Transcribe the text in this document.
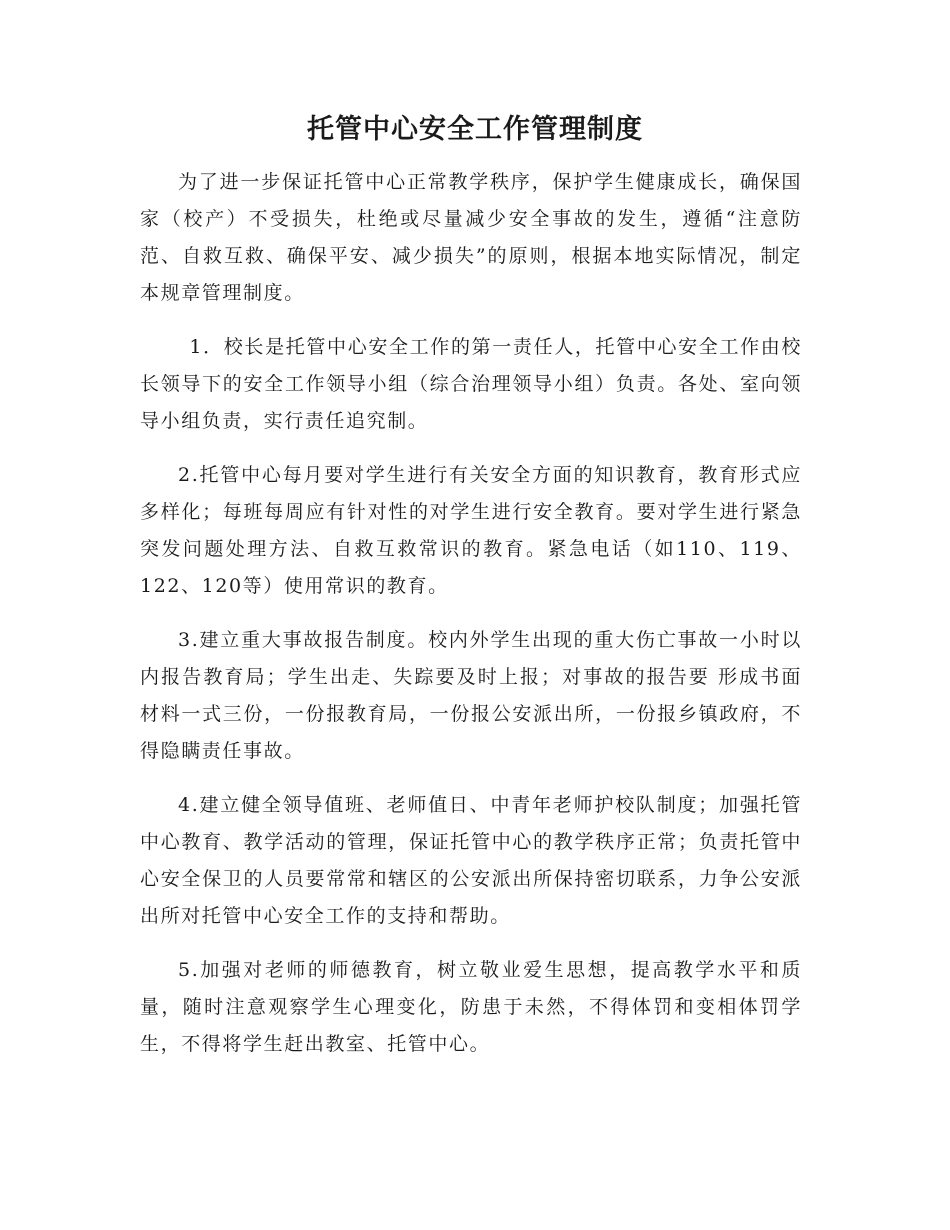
托管中心安全工作管理制度

为了进一步保证托管中心正常教学秩序，保护学生健康成长，确保国家（校产）不受损失，杜绝或尽量减少安全事故的发生，遵循“注意防范、自救互救、确保平安、减少损失”的原则，根据本地实际情况，制定本规章管理制度。

1．校长是托管中心安全工作的第一责任人，托管中心安全工作由校长领导下的安全工作领导小组（综合治理领导小组）负责。各处、室向领导小组负责，实行责任追究制。

2.托管中心每月要对学生进行有关安全方面的知识教育，教育形式应多样化；每班每周应有针对性的对学生进行安全教育。要对学生进行紧急突发问题处理方法、自救互救常识的教育。紧急电话（如110、119、122、120等）使用常识的教育。

3.建立重大事故报告制度。校内外学生出现的重大伤亡事故一小时以内报告教育局；学生出走、失踪要及时上报；对事故的报告要 形成书面材料一式三份，一份报教育局，一份报公安派出所，一份报乡镇政府，不得隐瞒责任事故。

4.建立健全领导值班、老师值日、中青年老师护校队制度；加强托管中心教育、教学活动的管理，保证托管中心的教学秩序正常；负责托管中心安全保卫的人员要常常和辖区的公安派出所保持密切联系，力争公安派出所对托管中心安全工作的支持和帮助。

5.加强对老师的师德教育，树立敬业爱生思想，提高教学水平和质量，随时注意观察学生心理变化，防患于未然，不得体罚和变相体罚学生，不得将学生赶出教室、托管中心。
